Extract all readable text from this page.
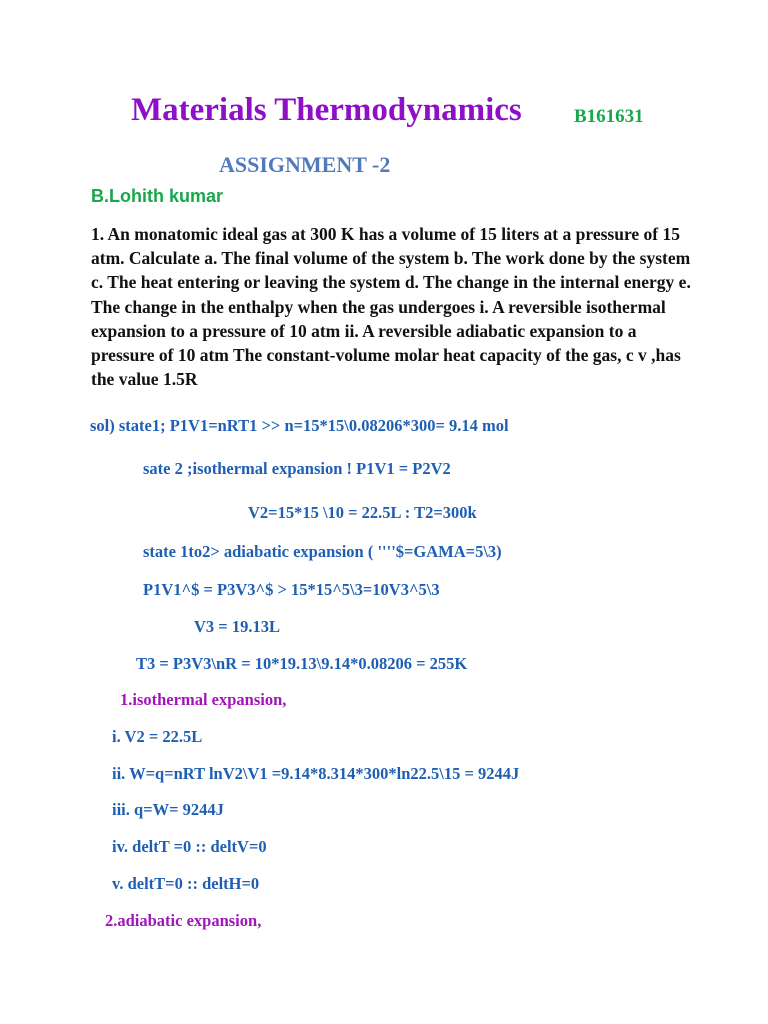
Materials Thermodynamics	B161631
ASSIGNMENT -2
B.Lohith kumar
1. An monatomic ideal gas at 300 K has a volume of 15 liters at a pressure of 15 atm. Calculate a. The final volume of the system b. The work done by the system c. The heat entering or leaving the system d. The change in the internal energy e. The change in the enthalpy when the gas undergoes i. A reversible isothermal expansion to a pressure of 10 atm ii. A reversible adiabatic expansion to a pressure of 10 atm The constant-volume molar heat capacity of the gas, c v ,has the value 1.5R
sol) state1; P1V1=nRT1 >> n=15*15\0.08206*300= 9.14 mol
sate 2 ;isothermal expansion ! P1V1 = P2V2
V2=15*15 \10 = 22.5L : T2=300k
state 1to2> adiabatic expansion ( ''''$=GAMA=5\3)
P1V1^$ = P3V3^$ > 15*15^5\3=10V3^5\3
V3 = 19.13L
T3 = P3V3\nR = 10*19.13\9.14*0.08206 = 255K
1.isothermal expansion,
i. V2 = 22.5L
ii. W=q=nRT lnV2\V1 =9.14*8.314*300*ln22.5\15 = 9244J
iii. q=W= 9244J
iv. deltT =0 :: deltV=0
v. deltT=0 :: deltH=0
2.adiabatic expansion,
